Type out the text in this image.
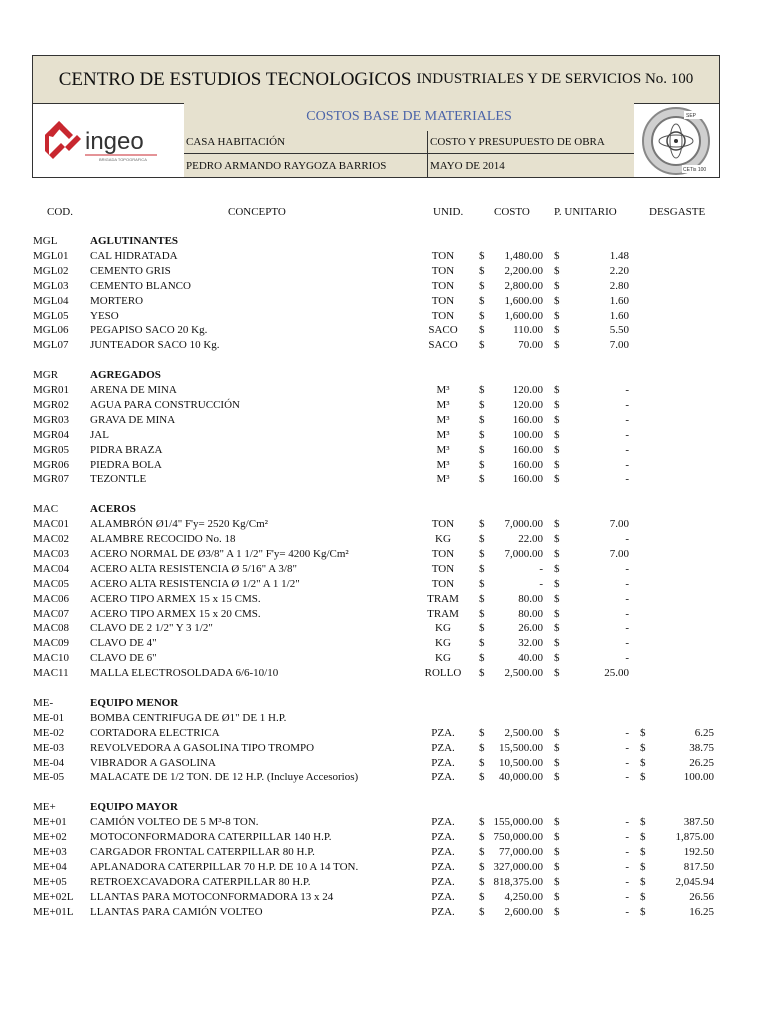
CENTRO DE ESTUDIOS TECNOLOGICOS INDUSTRIALES Y DE SERVICIOS No. 100
ingeo
BRIGADA TOPOGRAFICA
SEP
CETis 100
COSTOS BASE DE MATERIALES
CASA HABITACIÓN	COSTO Y PRESUPUESTO DE OBRA
PEDRO ARMANDO RAYGOZA BARRIOS	MAYO DE 2014
COD.	CONCEPTO	UNID.	COSTO P. UNITARIO	DESGASTE
MGL	AGLUTINANTES
MGL01 CAL HIDRATADA	TON	$	1,480.00 $	1.48
MGL02 CEMENTO GRIS	TON	$	2,200.00 $	2.20
MGL03 CEMENTO BLANCO	TON	$	2,800.00 $	2.80
MGL04 MORTERO	TON	$	1,600.00 $	1.60
MGL05 YESO	TON	$	1,600.00 $	1.60
MGL06 PEGAPISO SACO 20 Kg.	SACO	$	110.00 $	5.50
MGL07 JUNTEADOR SACO 10 Kg.	SACO	$	70.00 $	7.00
MGR	AGREGADOS
MGR01 ARENA DE MINA	M³	$	120.00 $	-
MGR02 AGUA PARA CONSTRUCCIÓN	M³	$	120.00 $	-
MGR03 GRAVA DE MINA	M³	$	160.00 $	-
MGR04 JAL	M³	$	100.00 $	-
MGR05 PIDRA BRAZA	M³	$	160.00 $	-
MGR06 PIEDRA BOLA	M³	$	160.00 $	-
MGR07 TEZONTLE	M³	$	160.00 $	-
MAC	ACEROS
MAC01 ALAMBRÓN Ø1/4" F'y= 2520 Kg/Cm²	TON	$	7,000.00 $	7.00
MAC02 ALAMBRE RECOCIDO No. 18	KG	$	22.00 $	-
MAC03 ACERO NORMAL DE Ø3/8" A 1 1/2" F'y= 4200 Kg/Cm²	TON	$	7,000.00 $	7.00
MAC04 ACERO ALTA RESISTENCIA Ø 5/16" A 3/8"	TON	$	- $	-
MAC05 ACERO ALTA RESISTENCIA Ø 1/2" A 1 1/2"	TON	$	- $	-
MAC06 ACERO TIPO ARMEX 15 x 15 CMS.	TRAM	$	80.00 $	-
MAC07 ACERO TIPO ARMEX 15 x 20 CMS.	TRAM	$	80.00 $	-
MAC08 CLAVO DE 2 1/2" Y 3 1/2"	KG	$	26.00 $	-
MAC09 CLAVO DE 4"	KG	$	32.00 $	-
MAC10 CLAVO DE 6"	KG	$	40.00 $	-
MAC11 MALLA ELECTROSOLDADA 6/6-10/10	ROLLO	$	2,500.00 $	25.00
ME-	EQUIPO MENOR
ME-01 BOMBA CENTRIFUGA DE Ø1" DE 1 H.P.
ME-02 CORTADORA ELECTRICA	PZA.	$	2,500.00 $	- $	6.25
ME-03 REVOLVEDORA A GASOLINA TIPO TROMPO	PZA.	$	15,500.00 $	- $	38.75
ME-04 VIBRADOR A GASOLINA	PZA.	$	10,500.00 $	- $	26.25
ME-05 MALACATE DE 1/2 TON. DE 12 H.P. (Incluye Accesorios)	PZA.	$	40,000.00 $	- $	100.00
ME+	EQUIPO MAYOR
ME+01 CAMIÓN VOLTEO DE 5 M³-8 TON.	PZA.	$ 155,000.00 $	- $	387.50
ME+02 MOTOCONFORMADORA CATERPILLAR 140 H.P.	PZA.	$ 750,000.00 $	- $	1,875.00
ME+03 CARGADOR FRONTAL CATERPILLAR 80 H.P.	PZA.	$	77,000.00 $	- $	192.50
ME+04 APLANADORA CATERPILLAR 70 H.P. DE 10 A 14 TON.	PZA.	$ 327,000.00 $	- $	817.50
ME+05 RETROEXCAVADORA CATERPILLAR 80 H.P.	PZA.	$ 818,375.00 $	- $	2,045.94
ME+02L LLANTAS PARA MOTOCONFORMADORA 13 x 24	PZA.	$	4,250.00 $	- $	26.56
ME+01L LLANTAS PARA CAMIÓN VOLTEO	PZA.	$	2,600.00 $	- $	16.25
